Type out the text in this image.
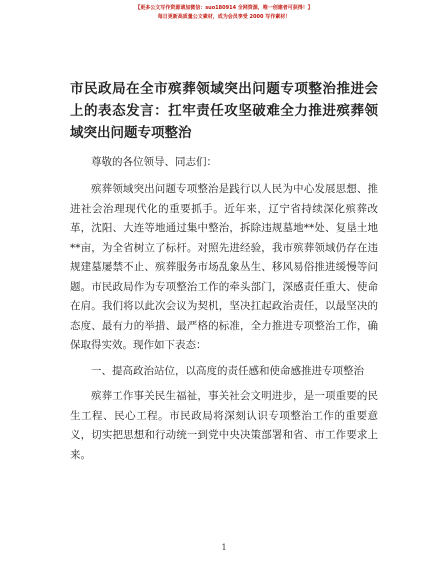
【更多公文写作资源请加微信：suo180914 全网资源，唯一创建者可获得！】
每日更新高质量公文素材，成为会员享受 2000 写作素材！
市民政局在全市殡葬领域突出问题专项整治推进会上的表态发言：扛牢责任攻坚破难全力推进殡葬领域突出问题专项整治

尊敬的各位领导、同志们：

殡葬领域突出问题专项整治是践行以人民为中心发展思想、推进社会治理现代化的重要抓手。近年来，辽宁省持续深化殡葬改革，沈阳、大连等地通过集中整治，拆除违规墓地**处、复垦土地**亩，为全省树立了标杆。对照先进经验，我市殡葬领域仍存在违规建墓屡禁不止、殡葬服务市场乱象丛生、移风易俗推进缓慢等问题。市民政局作为专项整治工作的牵头部门，深感责任重大、使命在肩。我们将以此次会议为契机，坚决扛起政治责任，以最坚决的态度、最有力的举措、最严格的标准，全力推进专项整治工作，确保取得实效。现作如下表态：

一、提高政治站位，以高度的责任感和使命感推进专项整治

殡葬工作事关民生福祉，事关社会文明进步，是一项重要的民生工程、民心工程。市民政局将深刻认识专项整治工作的重要意义，切实把思想和行动统一到党中央决策部署和省、市工作要求上来。

1
